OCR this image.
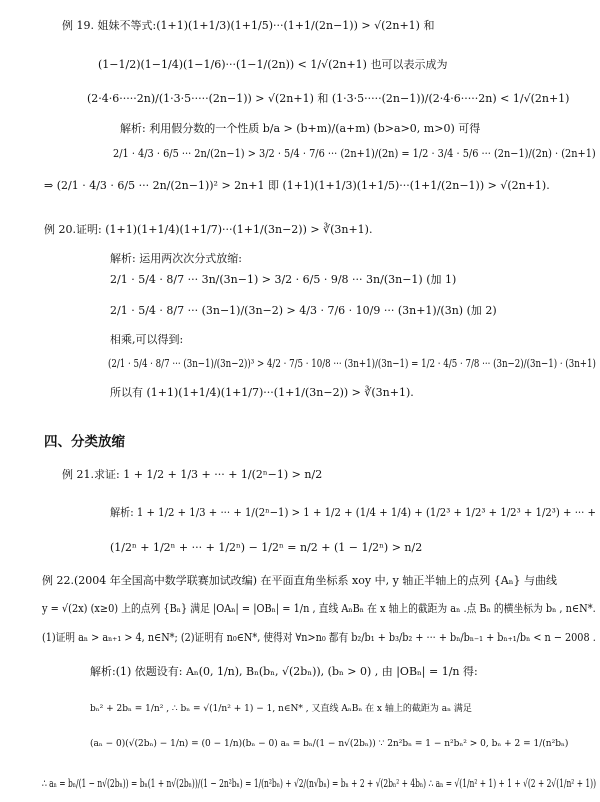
例 19. 姐妹不等式:(1+1)(1+1/3)(1+1/5)···(1+1/(2n−1)) > √(2n+1) 和
(1−1/2)(1−1/4)(1−1/6)···(1−1/(2n)) < 1/√(2n+1) 也可以表示成为
(2·4·6·····2n)/(1·3·5·····(2n−1)) > √(2n+1) 和 (1·3·5·····(2n−1))/(2·4·6·····2n) < 1/√(2n+1)
解析: 利用假分数的一个性质 b/a > (b+m)/(a+m) (b>a>0, m>0) 可得
2/1 · 4/3 · 6/5 ··· 2n/(2n−1) > 3/2 · 5/4 · 7/6 ··· (2n+1)/(2n) = 1/2 · 3/4 · 5/6 ··· (2n−1)/(2n) · (2n+1)
⇒ (2/1 · 4/3 · 6/5 ··· 2n/(2n−1))² > 2n+1 即 (1+1)(1+1/3)(1+1/5)···(1+1/(2n−1)) > √(2n+1).
例 20.证明: (1+1)(1+1/4)(1+1/7)···(1+1/(3n−2)) > ∛(3n+1).
解析: 运用两次次分式放缩:
2/1 · 5/4 · 8/7 ··· 3n/(3n−1) > 3/2 · 6/5 · 9/8 ··· 3n/(3n−1) (加 1)
2/1 · 5/4 · 8/7 ··· (3n−1)/(3n−2) > 4/3 · 7/6 · 10/9 ··· (3n+1)/(3n) (加 2)
相乘,可以得到:
(2/1 · 5/4 · 8/7 ··· (3n−1)/(3n−2))³ > 4/2 · 7/5 · 10/8 ··· (3n+1)/(3n−1) = 1/2 · 4/5 · 7/8 ··· (3n−2)/(3n−1) · (3n+1)
所以有 (1+1)(1+1/4)(1+1/7)···(1+1/(3n−2)) > ∛(3n+1).
四、分类放缩
例 21.求证: 1 + 1/2 + 1/3 + ··· + 1/(2ⁿ−1) > n/2
解析: 1 + 1/2 + 1/3 + ··· + 1/(2ⁿ−1) > 1 + 1/2 + (1/4 + 1/4) + (1/2³ + 1/2³ + 1/2³ + 1/2³) + ··· +
(1/2ⁿ + 1/2ⁿ + ··· + 1/2ⁿ) − 1/2ⁿ = n/2 + (1 − 1/2ⁿ) > n/2
例 22.(2004 年全国高中数学联赛加试改编) 在平面直角坐标系 xoy 中, y 轴正半轴上的点列 {Aₙ} 与曲线
y = √(2x) (x≥0) 上的点列 {Bₙ} 满足 |OAₙ| = |OBₙ| = 1/n , 直线 AₙBₙ 在 x 轴上的截距为 aₙ .点 Bₙ 的横坐标为 bₙ , n∈N*.
(1)证明 aₙ > aₙ₊₁ > 4, n∈N*; (2)证明有 n₀∈N*, 使得对 ∀n>n₀ 都有 b₂/b₁ + b₃/b₂ + ··· + bₙ/bₙ₋₁ + bₙ₊₁/bₙ < n − 2008 .
解析:(1) 依题设有: Aₙ(0, 1/n), Bₙ(bₙ, √(2bₙ)), (bₙ > 0) , 由 |OBₙ| = 1/n 得:
bₙ² + 2bₙ = 1/n² , ∴ bₙ = √(1/n² + 1) − 1, n∈N* , 又直线 AₙBₙ 在 x 轴上的截距为 aₙ 满足
(aₙ − 0)(√(2bₙ) − 1/n) = (0 − 1/n)(bₙ − 0) aₙ = bₙ/(1 − n√(2bₙ)) ∵ 2n²bₙ = 1 − n²bₙ² > 0, bₙ + 2 = 1/(n²bₙ)
∴ aₙ = bₙ/(1 − n√(2bₙ)) = bₙ(1 + n√(2bₙ))/(1 − 2n²bₙ) = 1/(n²bₙ) + √2/(n√bₙ) = bₙ + 2 + √(2bₙ² + 4bₙ) ∴ aₙ = √(1/n² + 1) + 1 + √(2 + 2√(1/n² + 1))
